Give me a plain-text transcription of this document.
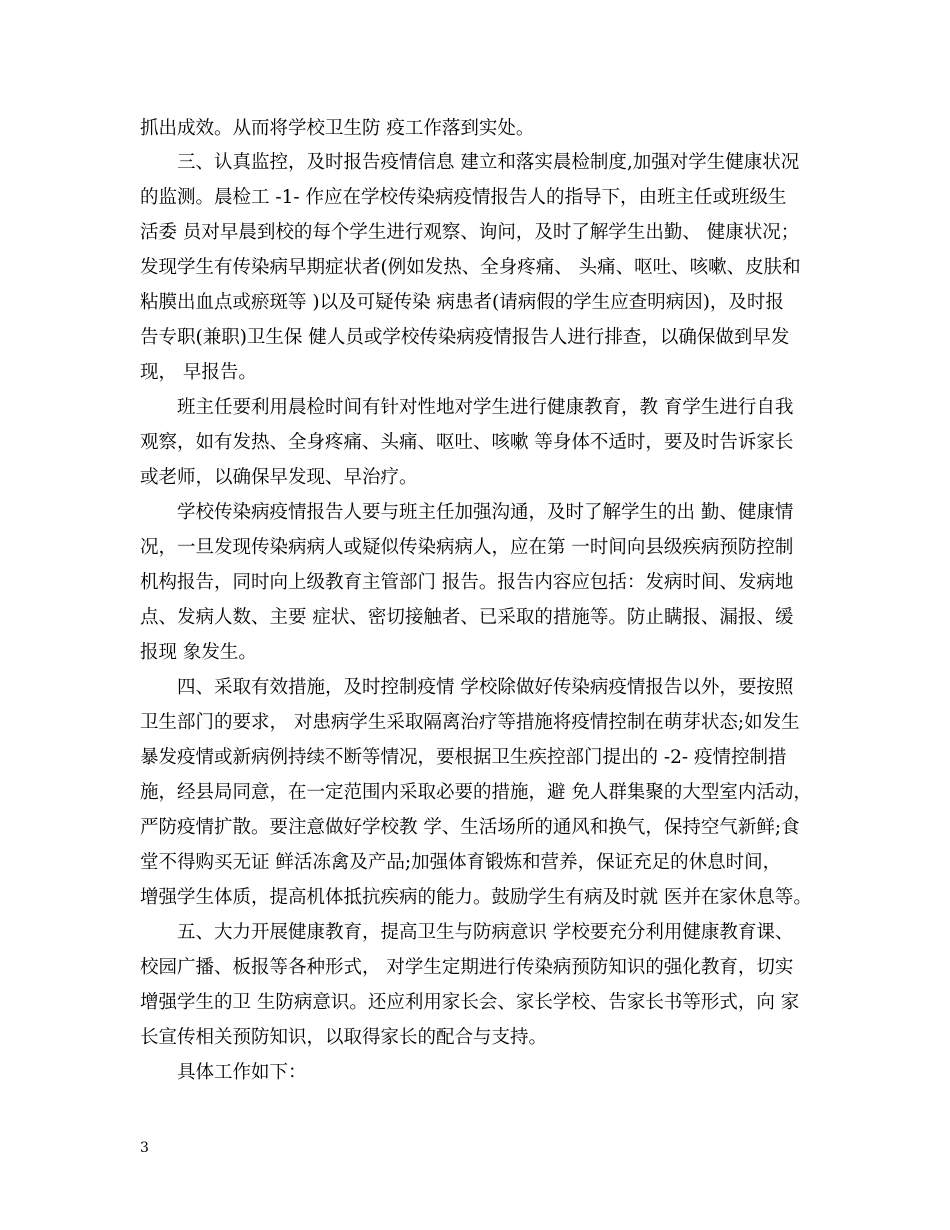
抓出成效。从而将学校卫生防 疫工作落到实处。
三、认真监控，及时报告疫情信息 建立和落实晨检制度,加强对学生健康状况
的监测。晨检工 -1- 作应在学校传染病疫情报告人的指导下，由班主任或班级生
活委 员对早晨到校的每个学生进行观察、询问，及时了解学生出勤、 健康状况；
发现学生有传染病早期症状者(例如发热、全身疼痛、 头痛、呕吐、咳嗽、皮肤和
粘膜出血点或瘀斑等 )以及可疑传染 病患者(请病假的学生应查明病因)，及时报
告专职(兼职)卫生保 健人员或学校传染病疫情报告人进行排查，以确保做到早发
现， 早报告。
班主任要利用晨检时间有针对性地对学生进行健康教育，教 育学生进行自我
观察，如有发热、全身疼痛、头痛、呕吐、咳嗽 等身体不适时，要及时告诉家长
或老师，以确保早发现、早治疗。
学校传染病疫情报告人要与班主任加强沟通，及时了解学生的出 勤、健康情
况，一旦发现传染病病人或疑似传染病病人，应在第 一时间向县级疾病预防控制
机构报告，同时向上级教育主管部门 报告。报告内容应包括：发病时间、发病地
点、发病人数、主要 症状、密切接触者、已采取的措施等。防止瞒报、漏报、缓
报现 象发生。
四、采取有效措施，及时控制疫情 学校除做好传染病疫情报告以外，要按照
卫生部门的要求， 对患病学生采取隔离治疗等措施将疫情控制在萌芽状态;如发生
暴发疫情或新病例持续不断等情况，要根据卫生疾控部门提出的 -2- 疫情控制措
施，经县局同意，在一定范围内采取必要的措施，避 免人群集聚的大型室内活动，
严防疫情扩散。要注意做好学校教 学、生活场所的通风和换气，保持空气新鲜;食
堂不得购买无证 鲜活冻禽及产品;加强体育锻炼和营养，保证充足的休息时间，
增强学生体质，提高机体抵抗疾病的能力。鼓励学生有病及时就 医并在家休息等。
五、大力开展健康教育，提高卫生与防病意识 学校要充分利用健康教育课、
校园广播、板报等各种形式， 对学生定期进行传染病预防知识的强化教育，切实
增强学生的卫 生防病意识。还应利用家长会、家长学校、告家长书等形式，向 家
长宣传相关预防知识，以取得家长的配合与支持。
具体工作如下：
3
